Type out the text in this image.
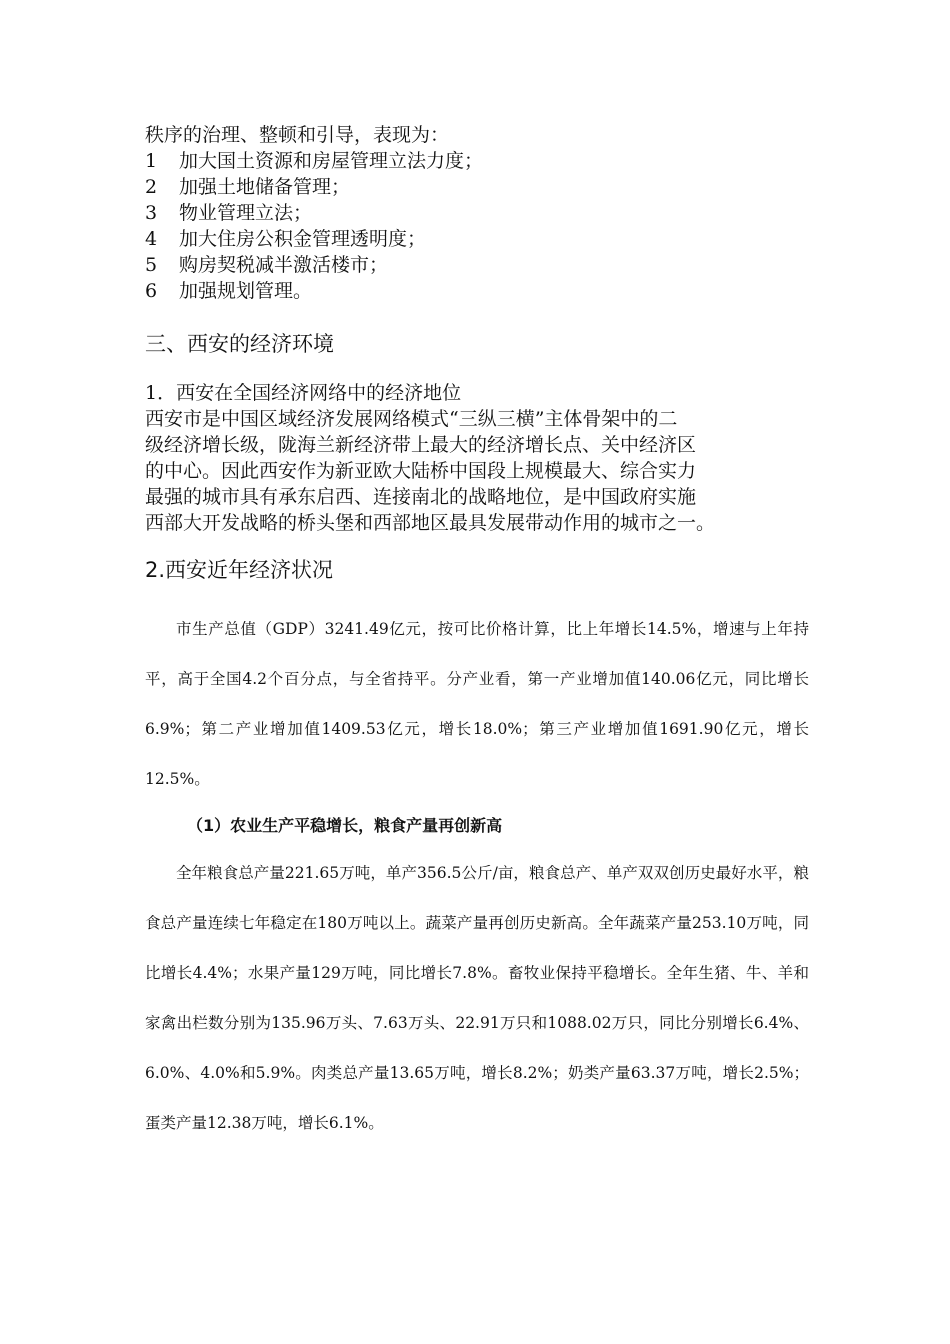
秩序的治理、整顿和引导，表现为：

1 加大国土资源和房屋管理立法力度；

2 加强土地储备管理；

3 物业管理立法；

4 加大住房公积金管理透明度；

5 购房契税减半激活楼市；

6 加强规划管理。

三、西安的经济环境

1．西安在全国经济网络中的经济地位

西安市是中国区域经济发展网络模式“三纵三横”主体骨架中的二

级经济增长级，陇海兰新经济带上最大的经济增长点、关中经济区

的中心。因此西安作为新亚欧大陆桥中国段上规模最大、综合实力

最强的城市具有承东启西、连接南北的战略地位，是中国政府实施

西部大开发战略的桥头堡和西部地区最具发展带动作用的城市之一。

2.西安近年经济状况

市生产总值（GDP）3241.49亿元，按可比价格计算，比上年增长14.5%，增速与上年持平，高于全国4.2个百分点，与全省持平。分产业看，第一产业增加值140.06亿元，同比增长6.9%；第二产业增加值1409.53亿元，增长18.0%；第三产业增加值1691.90亿元，增长12.5%。

（1）农业生产平稳增长，粮食产量再创新高

全年粮食总产量221.65万吨，单产356.5公斤/亩，粮食总产、单产双双创历史最好水平，粮食总产量连续七年稳定在180万吨以上。蔬菜产量再创历史新高。全年蔬菜产量253.10万吨，同比增长4.4%；水果产量129万吨，同比增长7.8%。畜牧业保持平稳增长。全年生猪、牛、羊和家禽出栏数分别为135.96万头、7.63万头、22.91万只和1088.02万只，同比分别增长6.4%、6.0%、4.0%和5.9%。肉类总产量13.65万吨，增长8.2%；奶类产量63.37万吨，增长2.5%；蛋类产量12.38万吨，增长6.1%。
